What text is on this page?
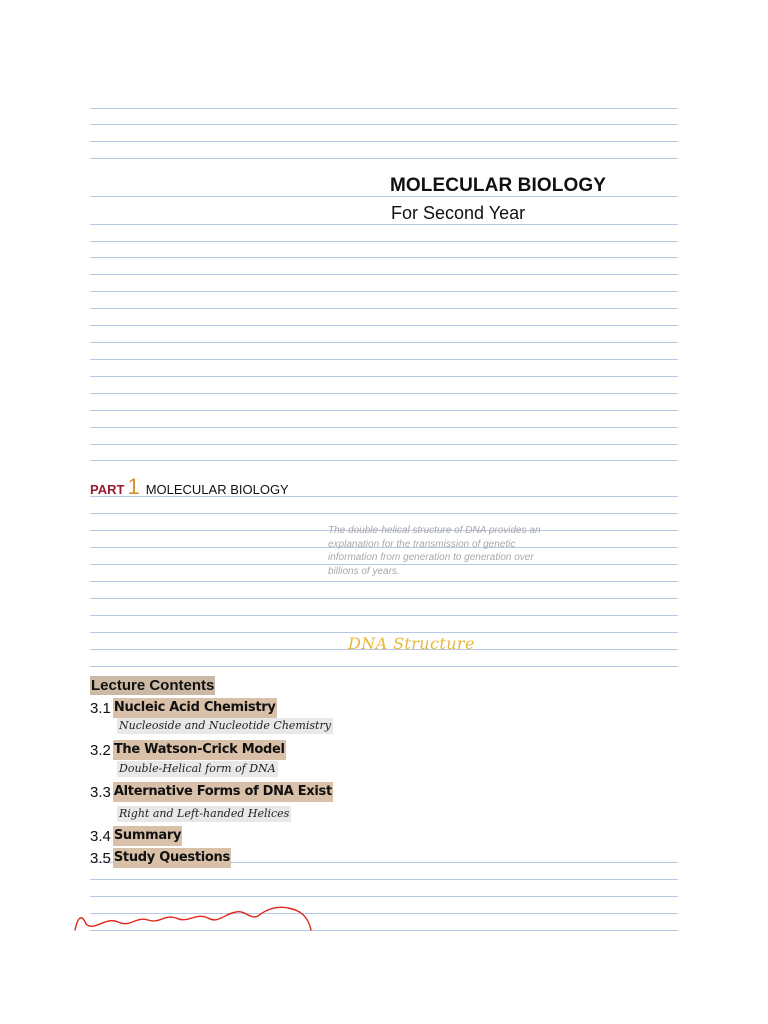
MOLECULAR BIOLOGY
For Second Year
PART 1 MOLECULAR BIOLOGY
The double-helical structure of DNA provides an explanation for the transmission of genetic information from generation to generation over billions of years.
DNA Structure
Lecture Contents
3.1 Nucleic Acid Chemistry
Nucleoside and Nucleotide Chemistry
3.2 The Watson-Crick Model
Double-Helical form of DNA
3.3 Alternative Forms of DNA Exist
Right and Left-handed Helices
3.4 Summary
3.5 Study Questions
